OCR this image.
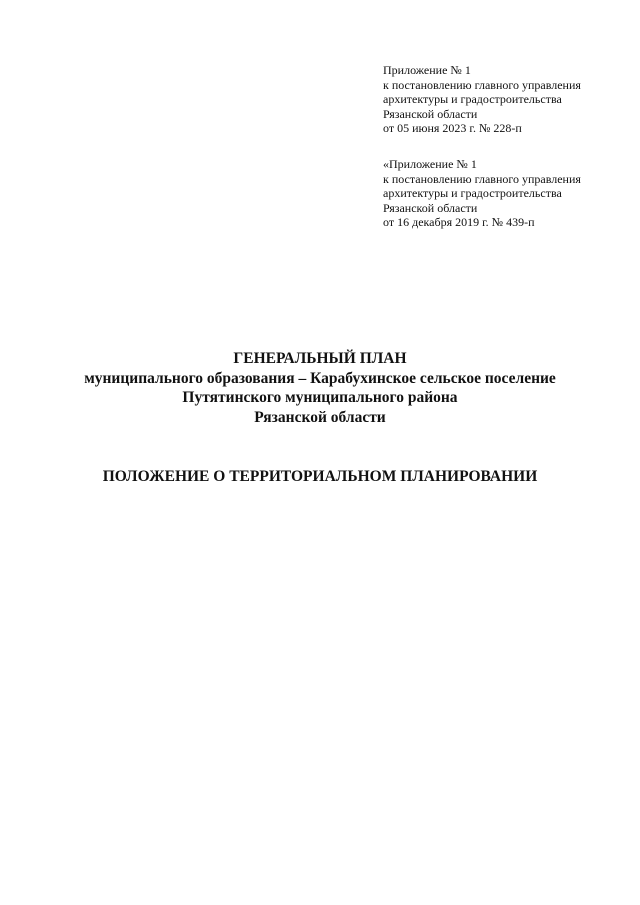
Приложение № 1
к постановлению главного управления
архитектуры и градостроительства
Рязанской области
от 05 июня 2023 г. № 228-п
«Приложение № 1
к постановлению главного управления
архитектуры и градостроительства
Рязанской области
от 16 декабря 2019 г. № 439-п
ГЕНЕРАЛЬНЫЙ ПЛАН
муниципального образования – Карабухинское сельское поселение
Путятинского муниципального района
Рязанской области
ПОЛОЖЕНИЕ О ТЕРРИТОРИАЛЬНОМ ПЛАНИРОВАНИИ
